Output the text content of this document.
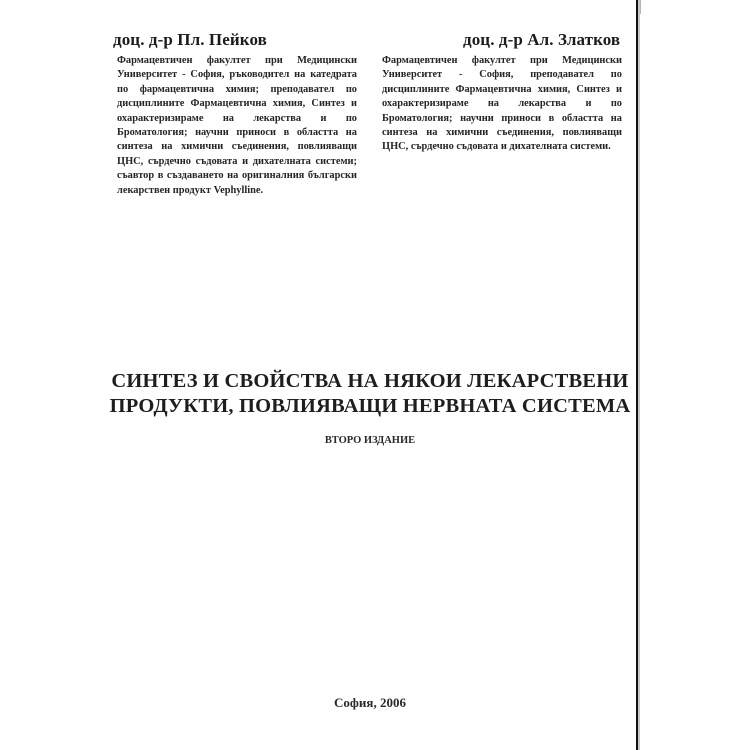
доц. д-р Пл. Пейков	доц. д-р Ал. Златков
Фармацевтичен факултет при Медицински Университет - София, ръководител на катедрата по фармацевтична химия; преподавател по дисциплините Фармацевтична химия, Синтез и охарактеризираме на лекарства и по Броматология; научни приноси в областта на синтеза на химични съединения, повлияващи ЦНС, сърдечно съдовата и дихателната системи; съавтор в създаването на оригиналния български лекарствен продукт Vephylline.
Фармацевтичен факултет при Медицински Университет - София, преподавател по дисциплините Фармацевтична химия, Синтез и охарактеризираме на лекарства и по Броматология; научни приноси в областта на синтеза на химични съединения, повлияващи ЦНС, сърдечно съдовата и дихателната системи.
СИНТЕЗ И СВОЙСТВА НА НЯКОИ ЛЕКАРСТВЕНИ ПРОДУКТИ, ПОВЛИЯВАЩИ НЕРВНАТА СИСТЕМА
ВТОРО ИЗДАНИЕ
София, 2006
